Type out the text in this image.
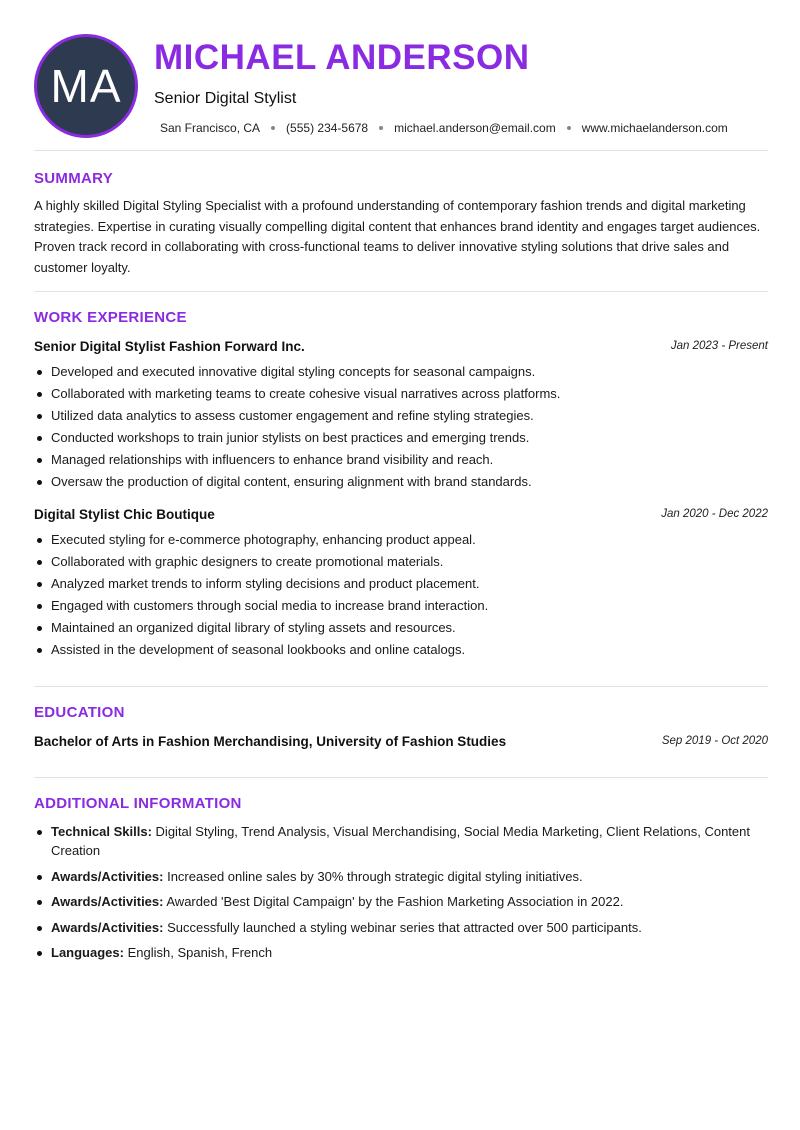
MA
MICHAEL ANDERSON
Senior Digital Stylist
San Francisco, CA (555) 234-5678 michael.anderson@email.com www.michaelanderson.com
SUMMARY
A highly skilled Digital Styling Specialist with a profound understanding of contemporary fashion trends and digital marketing strategies. Expertise in curating visually compelling digital content that enhances brand identity and engages target audiences. Proven track record in collaborating with cross-functional teams to deliver innovative styling solutions that drive sales and customer loyalty.
WORK EXPERIENCE
Senior Digital Stylist Fashion Forward Inc.	Jan 2023 - Present
Developed and executed innovative digital styling concepts for seasonal campaigns.
Collaborated with marketing teams to create cohesive visual narratives across platforms.
Utilized data analytics to assess customer engagement and refine styling strategies.
Conducted workshops to train junior stylists on best practices and emerging trends.
Managed relationships with influencers to enhance brand visibility and reach.
Oversaw the production of digital content, ensuring alignment with brand standards.
Digital Stylist Chic Boutique	Jan 2020 - Dec 2022
Executed styling for e-commerce photography, enhancing product appeal.
Collaborated with graphic designers to create promotional materials.
Analyzed market trends to inform styling decisions and product placement.
Engaged with customers through social media to increase brand interaction.
Maintained an organized digital library of styling assets and resources.
Assisted in the development of seasonal lookbooks and online catalogs.
EDUCATION
Bachelor of Arts in Fashion Merchandising, University of Fashion Studies	Sep 2019 - Oct 2020
ADDITIONAL INFORMATION
Technical Skills: Digital Styling, Trend Analysis, Visual Merchandising, Social Media Marketing, Client Relations, Content Creation
Awards/Activities: Increased online sales by 30% through strategic digital styling initiatives.
Awards/Activities: Awarded 'Best Digital Campaign' by the Fashion Marketing Association in 2022.
Awards/Activities: Successfully launched a styling webinar series that attracted over 500 participants.
Languages: English, Spanish, French
